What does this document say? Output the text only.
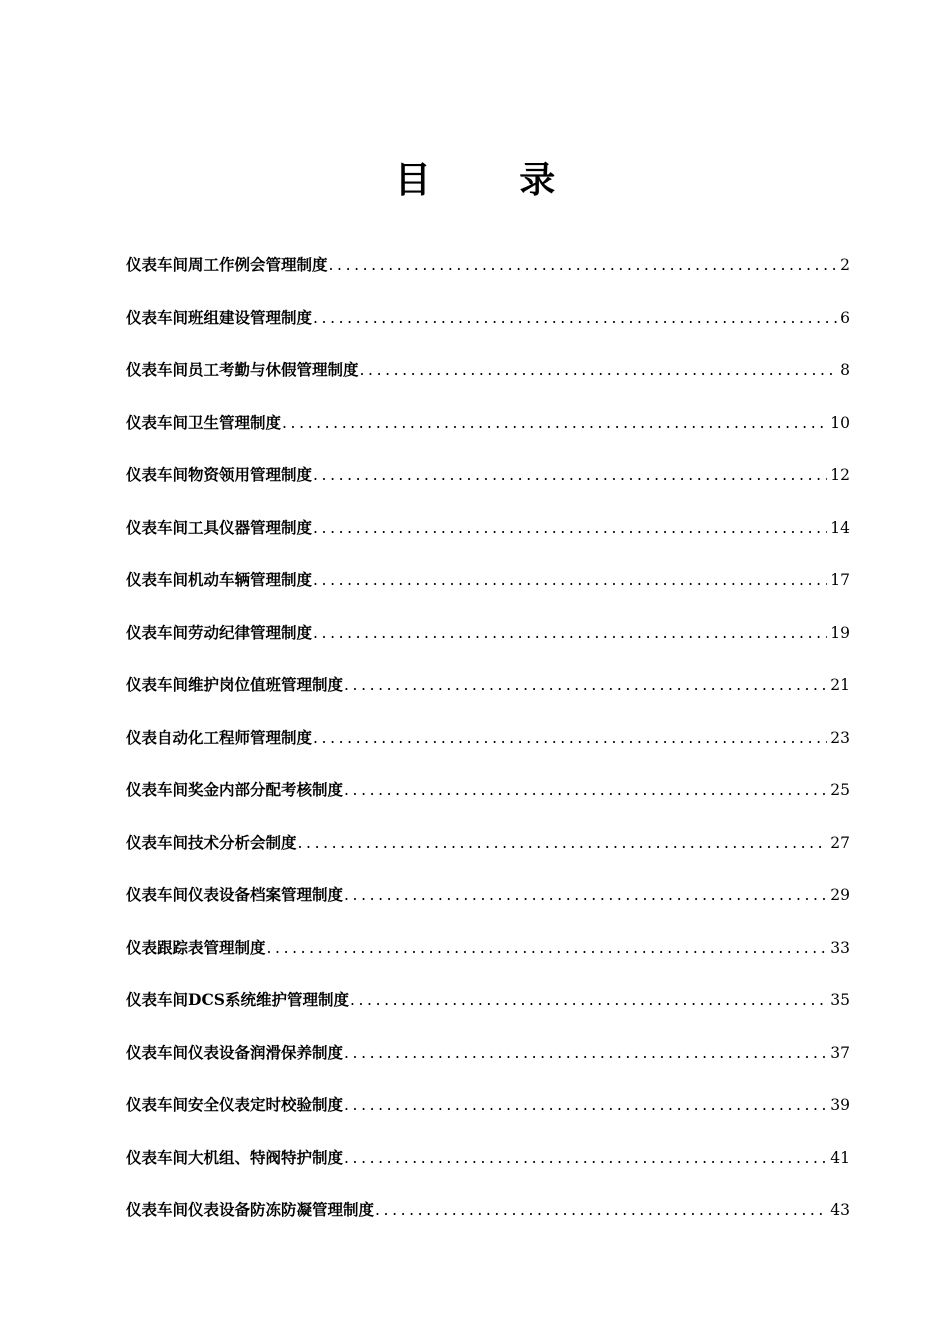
目 录
仪表车间周工作例会管理制度 .....	2
仪表车间班组建设管理制度 .....	6
仪表车间员工考勤与休假管理制度 .....	8
仪表车间卫生管理制度 .....	10
仪表车间物资领用管理制度 .....	12
仪表车间工具仪器管理制度 .....	14
仪表车间机动车辆管理制度 .....	17
仪表车间劳动纪律管理制度 .....	19
仪表车间维护岗位值班管理制度 .....	21
仪表自动化工程师管理制度 .....	23
仪表车间奖金内部分配考核制度 .....	25
仪表车间技术分析会制度 .....	27
仪表车间仪表设备档案管理制度 .....	29
仪表跟踪表管理制度 .....	33
仪表车间DCS系统维护管理制度 .....	35
仪表车间仪表设备润滑保养制度 .....	37
仪表车间安全仪表定时校验制度 .....	39
仪表车间大机组、特阀特护制度 .....	41
仪表车间仪表设备防冻防凝管理制度 .....	43
